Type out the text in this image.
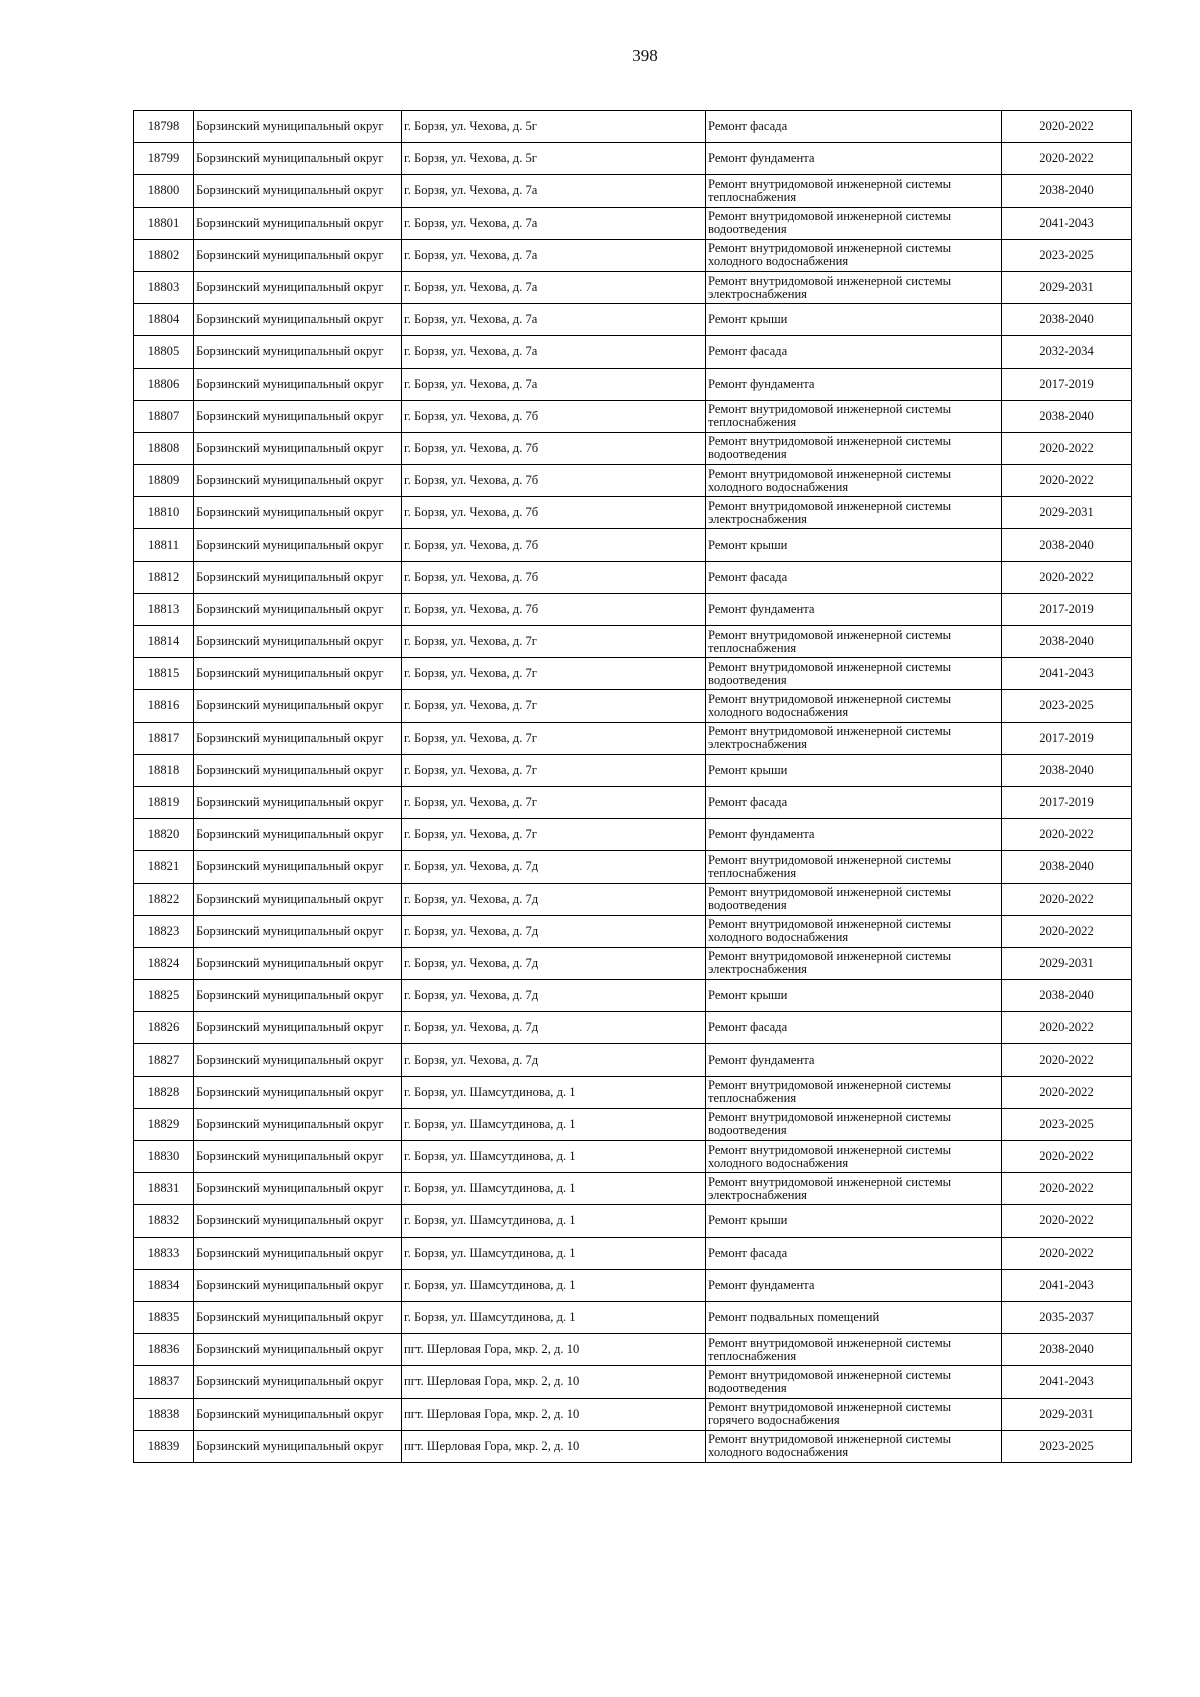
398
18798	Борзинский муниципальный округ	г. Борзя, ул. Чехова, д. 5г	Ремонт фасада	2020-2022
18799	Борзинский муниципальный округ	г. Борзя, ул. Чехова, д. 5г	Ремонт фундамента	2020-2022
18800	Борзинский муниципальный округ	г. Борзя, ул. Чехова, д. 7а	Ремонт внутридомовой инженерной системы теплоснабжения	2038-2040
18801	Борзинский муниципальный округ	г. Борзя, ул. Чехова, д. 7а	Ремонт внутридомовой инженерной системы водоотведения	2041-2043
18802	Борзинский муниципальный округ	г. Борзя, ул. Чехова, д. 7а	Ремонт внутридомовой инженерной системы холодного водоснабжения	2023-2025
18803	Борзинский муниципальный округ	г. Борзя, ул. Чехова, д. 7а	Ремонт внутридомовой инженерной системы электроснабжения	2029-2031
18804	Борзинский муниципальный округ	г. Борзя, ул. Чехова, д. 7а	Ремонт крыши	2038-2040
18805	Борзинский муниципальный округ	г. Борзя, ул. Чехова, д. 7а	Ремонт фасада	2032-2034
18806	Борзинский муниципальный округ	г. Борзя, ул. Чехова, д. 7а	Ремонт фундамента	2017-2019
18807	Борзинский муниципальный округ	г. Борзя, ул. Чехова, д. 7б	Ремонт внутридомовой инженерной системы теплоснабжения	2038-2040
18808	Борзинский муниципальный округ	г. Борзя, ул. Чехова, д. 7б	Ремонт внутридомовой инженерной системы водоотведения	2020-2022
18809	Борзинский муниципальный округ	г. Борзя, ул. Чехова, д. 7б	Ремонт внутридомовой инженерной системы холодного водоснабжения	2020-2022
18810	Борзинский муниципальный округ	г. Борзя, ул. Чехова, д. 7б	Ремонт внутридомовой инженерной системы электроснабжения	2029-2031
18811	Борзинский муниципальный округ	г. Борзя, ул. Чехова, д. 7б	Ремонт крыши	2038-2040
18812	Борзинский муниципальный округ	г. Борзя, ул. Чехова, д. 7б	Ремонт фасада	2020-2022
18813	Борзинский муниципальный округ	г. Борзя, ул. Чехова, д. 7б	Ремонт фундамента	2017-2019
18814	Борзинский муниципальный округ	г. Борзя, ул. Чехова, д. 7г	Ремонт внутридомовой инженерной системы теплоснабжения	2038-2040
18815	Борзинский муниципальный округ	г. Борзя, ул. Чехова, д. 7г	Ремонт внутридомовой инженерной системы водоотведения	2041-2043
18816	Борзинский муниципальный округ	г. Борзя, ул. Чехова, д. 7г	Ремонт внутридомовой инженерной системы холодного водоснабжения	2023-2025
18817	Борзинский муниципальный округ	г. Борзя, ул. Чехова, д. 7г	Ремонт внутридомовой инженерной системы электроснабжения	2017-2019
18818	Борзинский муниципальный округ	г. Борзя, ул. Чехова, д. 7г	Ремонт крыши	2038-2040
18819	Борзинский муниципальный округ	г. Борзя, ул. Чехова, д. 7г	Ремонт фасада	2017-2019
18820	Борзинский муниципальный округ	г. Борзя, ул. Чехова, д. 7г	Ремонт фундамента	2020-2022
18821	Борзинский муниципальный округ	г. Борзя, ул. Чехова, д. 7д	Ремонт внутридомовой инженерной системы теплоснабжения	2038-2040
18822	Борзинский муниципальный округ	г. Борзя, ул. Чехова, д. 7д	Ремонт внутридомовой инженерной системы водоотведения	2020-2022
18823	Борзинский муниципальный округ	г. Борзя, ул. Чехова, д. 7д	Ремонт внутридомовой инженерной системы холодного водоснабжения	2020-2022
18824	Борзинский муниципальный округ	г. Борзя, ул. Чехова, д. 7д	Ремонт внутридомовой инженерной системы электроснабжения	2029-2031
18825	Борзинский муниципальный округ	г. Борзя, ул. Чехова, д. 7д	Ремонт крыши	2038-2040
18826	Борзинский муниципальный округ	г. Борзя, ул. Чехова, д. 7д	Ремонт фасада	2020-2022
18827	Борзинский муниципальный округ	г. Борзя, ул. Чехова, д. 7д	Ремонт фундамента	2020-2022
18828	Борзинский муниципальный округ	г. Борзя, ул. Шамсутдинова, д. 1	Ремонт внутридомовой инженерной системы теплоснабжения	2020-2022
18829	Борзинский муниципальный округ	г. Борзя, ул. Шамсутдинова, д. 1	Ремонт внутридомовой инженерной системы водоотведения	2023-2025
18830	Борзинский муниципальный округ	г. Борзя, ул. Шамсутдинова, д. 1	Ремонт внутридомовой инженерной системы холодного водоснабжения	2020-2022
18831	Борзинский муниципальный округ	г. Борзя, ул. Шамсутдинова, д. 1	Ремонт внутридомовой инженерной системы электроснабжения	2020-2022
18832	Борзинский муниципальный округ	г. Борзя, ул. Шамсутдинова, д. 1	Ремонт крыши	2020-2022
18833	Борзинский муниципальный округ	г. Борзя, ул. Шамсутдинова, д. 1	Ремонт фасада	2020-2022
18834	Борзинский муниципальный округ	г. Борзя, ул. Шамсутдинова, д. 1	Ремонт фундамента	2041-2043
18835	Борзинский муниципальный округ	г. Борзя, ул. Шамсутдинова, д. 1	Ремонт подвальных помещений	2035-2037
18836	Борзинский муниципальный округ	пгт. Шерловая Гора, мкр. 2, д. 10	Ремонт внутридомовой инженерной системы теплоснабжения	2038-2040
18837	Борзинский муниципальный округ	пгт. Шерловая Гора, мкр. 2, д. 10	Ремонт внутридомовой инженерной системы водоотведения	2041-2043
18838	Борзинский муниципальный округ	пгт. Шерловая Гора, мкр. 2, д. 10	Ремонт внутридомовой инженерной системы горячего водоснабжения	2029-2031
18839	Борзинский муниципальный округ	пгт. Шерловая Гора, мкр. 2, д. 10	Ремонт внутридомовой инженерной системы холодного водоснабжения	2023-2025
